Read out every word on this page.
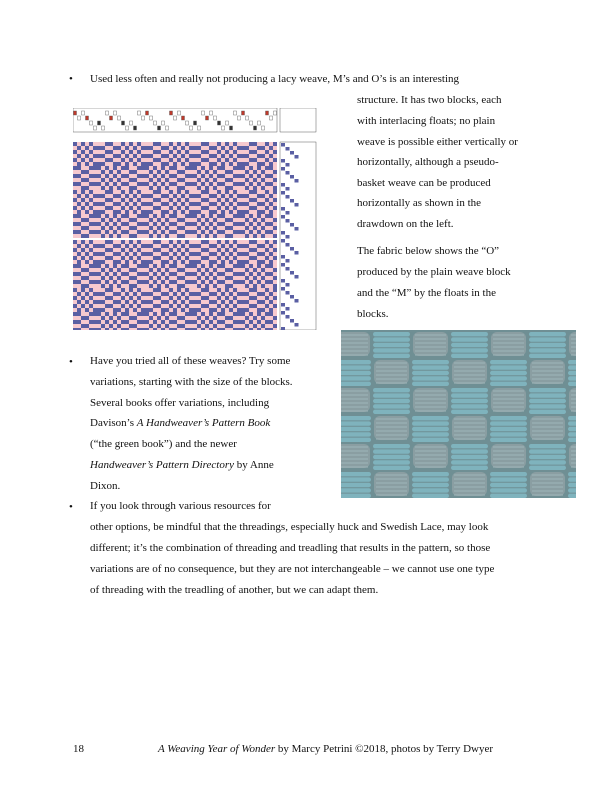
• Used less often and really not producing a lacy weave, M’s and O’s is an interesting
structure. It has two blocks, each
with interlacing floats; no plain
weave is possible either vertically or
horizontally, although a pseudo-
basket weave can be produced
horizontally as shown in the
drawdown on the left.
The fabric below shows the “O”
produced by the plain weave block
and the “M” by the floats in the
blocks.
• Have you tried all of these weaves? Try some
variations, starting with the size of the blocks.
Several books offer variations, including
Davison’s A Handweaver’s Pattern Book
(“the green book”) and the newer
Handweaver’s Pattern Directory by Anne
Dixon.
• If you look through various resources for
other options, be mindful that the threadings, especially huck and Swedish Lace, may look
different; it’s the combination of threading and treadling that results in the pattern, so those
variations are of no consequence, but they are not interchangeable – we cannot use one type
of threading with the treadling of another, but we can adapt them.
18	A Weaving Year of Wonder by Marcy Petrini ©2018, photos by Terry Dwyer
